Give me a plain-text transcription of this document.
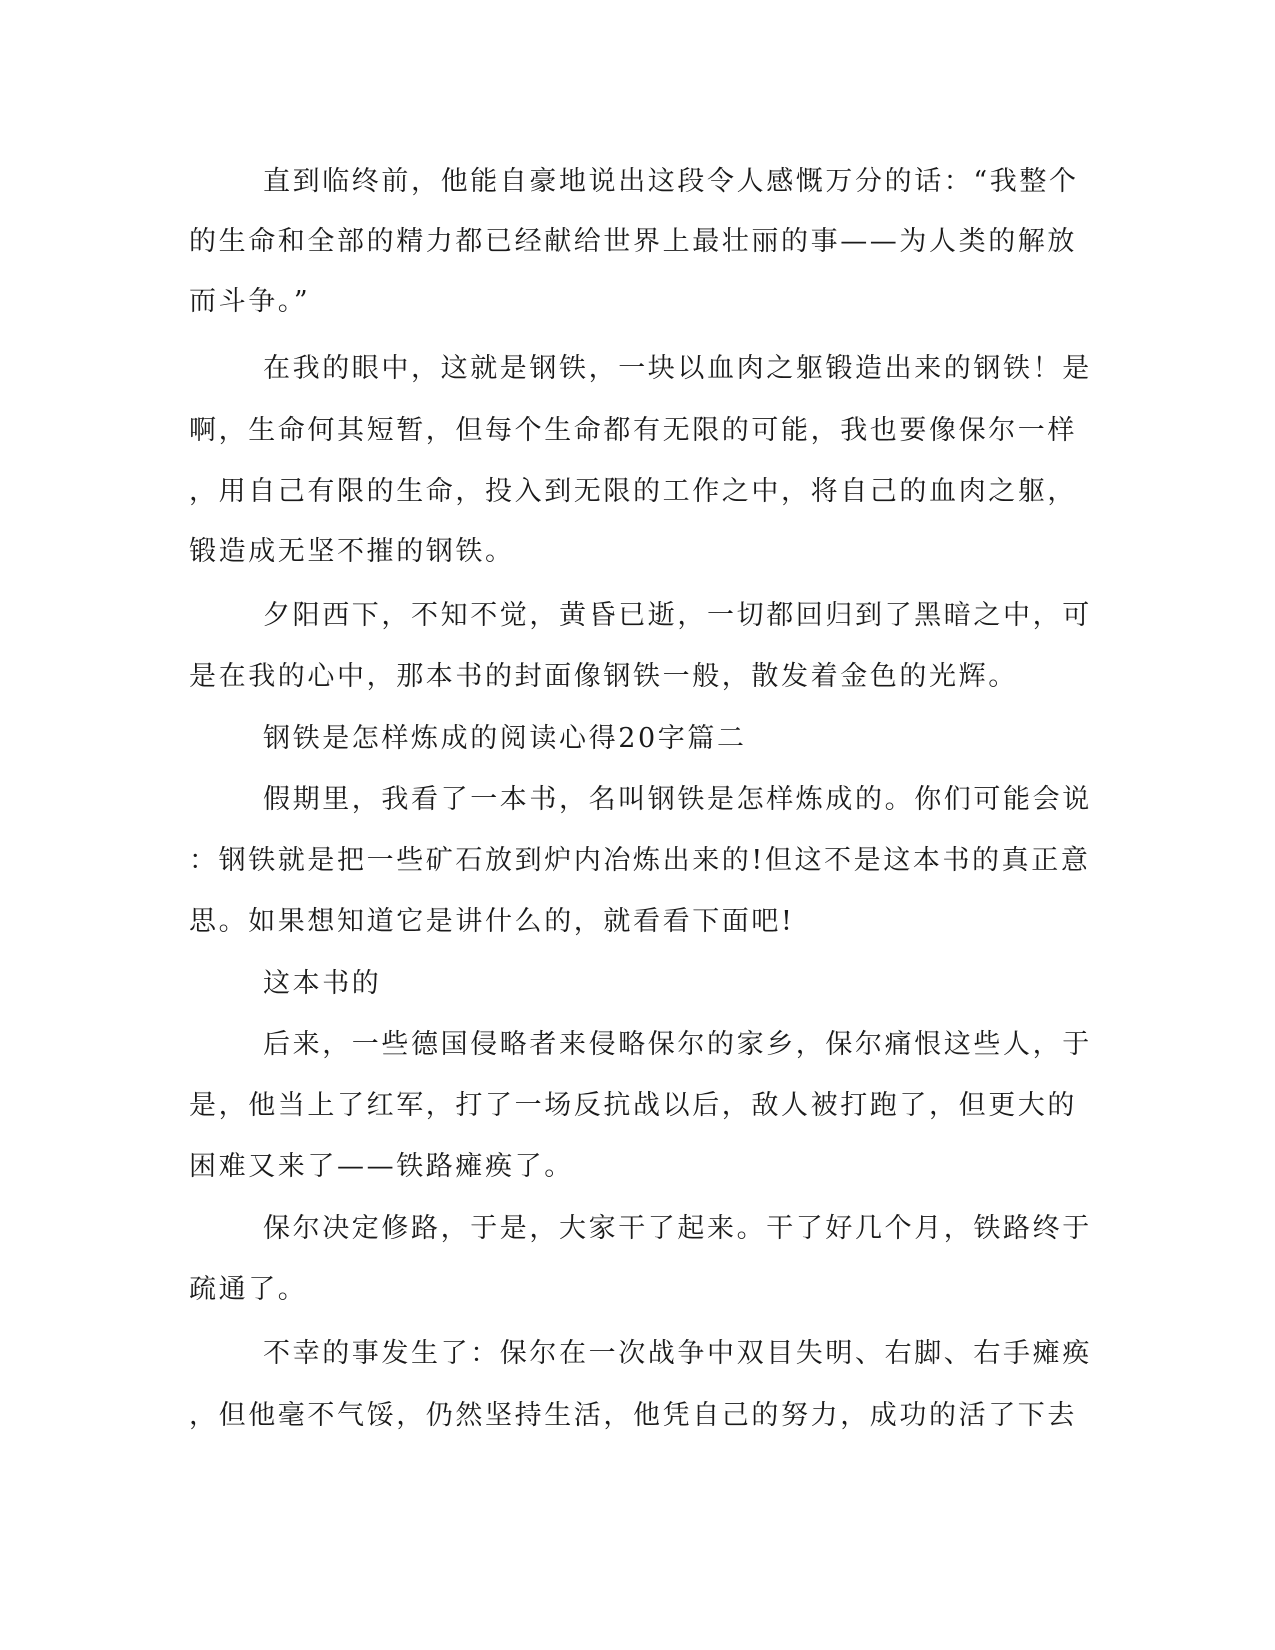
直到临终前，他能自豪地说出这段令人感慨万分的话：“我整个
的生命和全部的精力都已经献给世界上最壮丽的事——为人类的解放
而斗争。”
在我的眼中，这就是钢铁，一块以血肉之躯锻造出来的钢铁！是
啊，生命何其短暂，但每个生命都有无限的可能，我也要像保尔一样
，用自己有限的生命，投入到无限的工作之中，将自己的血肉之躯，
锻造成无坚不摧的钢铁。
夕阳西下，不知不觉，黄昏已逝，一切都回归到了黑暗之中，可
是在我的心中，那本书的封面像钢铁一般，散发着金色的光辉。
钢铁是怎样炼成的阅读心得20字篇二
假期里，我看了一本书，名叫钢铁是怎样炼成的。你们可能会说
：钢铁就是把一些矿石放到炉内冶炼出来的!但这不是这本书的真正意
思。如果想知道它是讲什么的，就看看下面吧!
这本书的
后来，一些德国侵略者来侵略保尔的家乡，保尔痛恨这些人，于
是，他当上了红军，打了一场反抗战以后，敌人被打跑了，但更大的
困难又来了——铁路瘫痪了。
保尔决定修路，于是，大家干了起来。干了好几个月，铁路终于
疏通了。
不幸的事发生了：保尔在一次战争中双目失明、右脚、右手瘫痪
，但他毫不气馁，仍然坚持生活，他凭自己的努力，成功的活了下去
